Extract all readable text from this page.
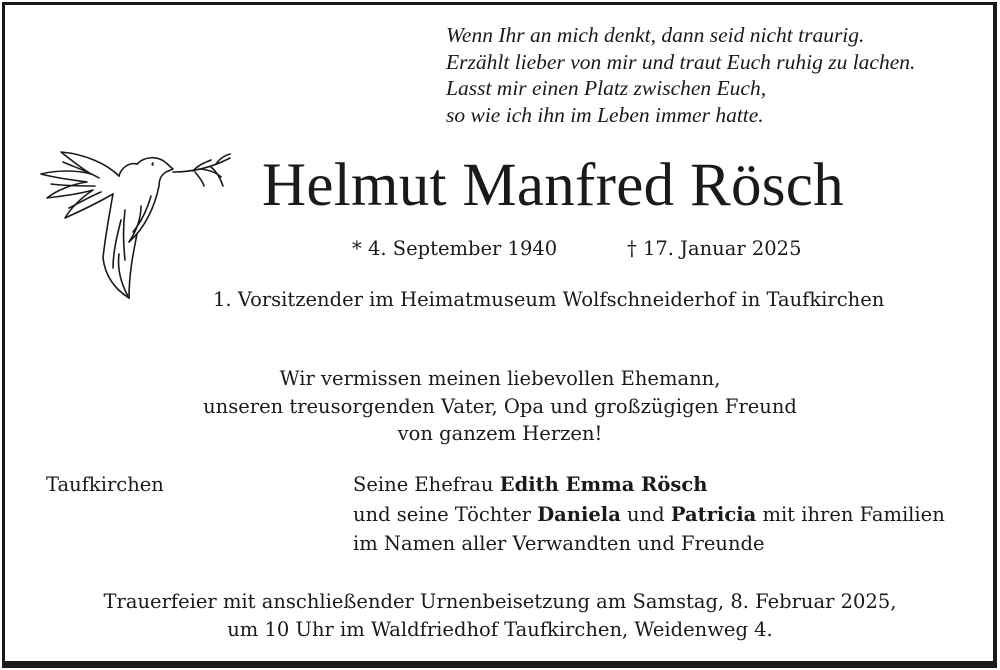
Wenn Ihr an mich denkt, dann seid nicht traurig.
Erzählt lieber von mir und traut Euch ruhig zu lachen.
Lasst mir einen Platz zwischen Euch,
so wie ich ihn im Leben immer hatte.
Helmut Manfred Rösch
* 4. September 1940	† 17. Januar 2025
1. Vorsitzender im Heimatmuseum Wolfschneiderhof in Taufkirchen
Wir vermissen meinen liebevollen Ehemann,
unseren treusorgenden Vater, Opa und großzügigen Freund
von ganzem Herzen!
Taufkirchen	Seine Ehefrau Edith Emma Rösch
und seine Töchter Daniela und Patricia mit ihren Familien
im Namen aller Verwandten und Freunde
Trauerfeier mit anschließender Urnenbeisetzung am Samstag, 8. Februar 2025,
um 10 Uhr im Waldfriedhof Taufkirchen, Weidenweg 4.
